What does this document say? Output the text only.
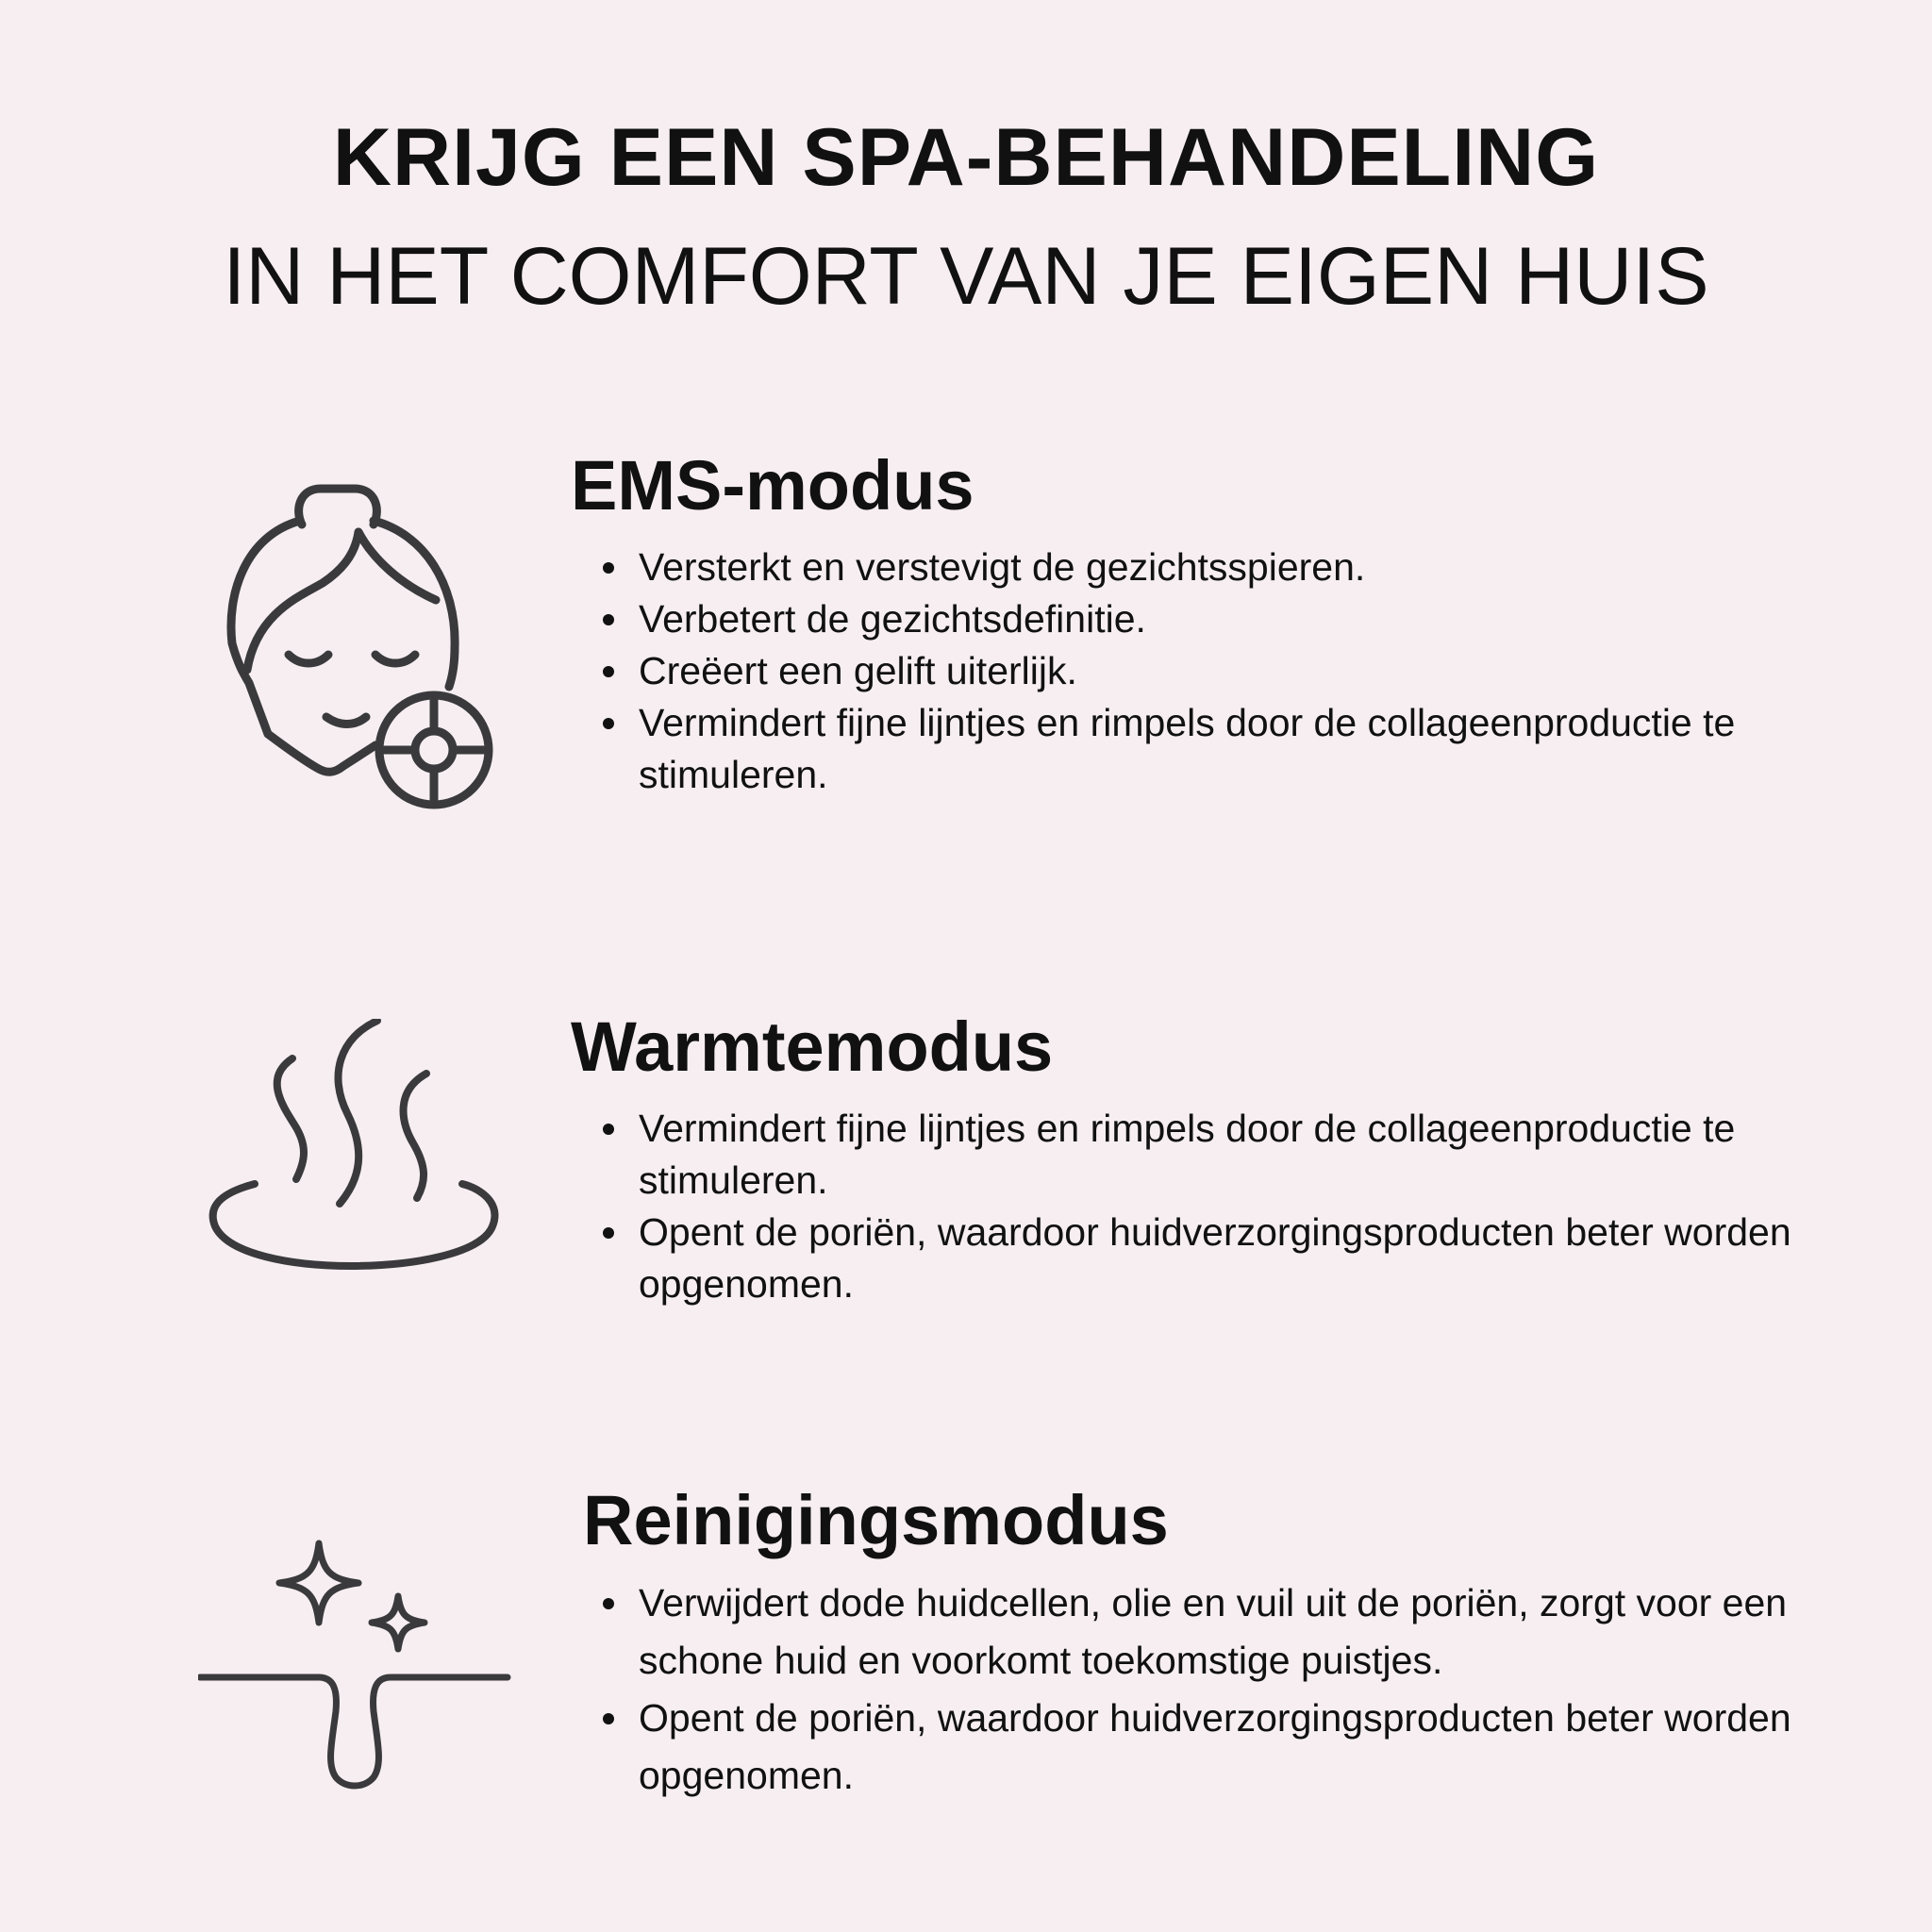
KRIJG EEN SPA-BEHANDELING
IN HET COMFORT VAN JE EIGEN HUIS
EMS-modus
Versterkt en verstevigt de gezichtsspieren.
Verbetert de gezichtsdefinitie.
Creëert een gelift uiterlijk.
Vermindert fijne lijntjes en rimpels door de collageenproductie te stimuleren.
Warmtemodus
Vermindert fijne lijntjes en rimpels door de collageenproductie te stimuleren.
Opent de poriën, waardoor huidverzorgingsproducten beter worden opgenomen.
Reinigingsmodus
Verwijdert dode huidcellen, olie en vuil uit de poriën, zorgt voor een schone huid en voorkomt toekomstige puistjes.
Opent de poriën, waardoor huidverzorgingsproducten beter worden opgenomen.
